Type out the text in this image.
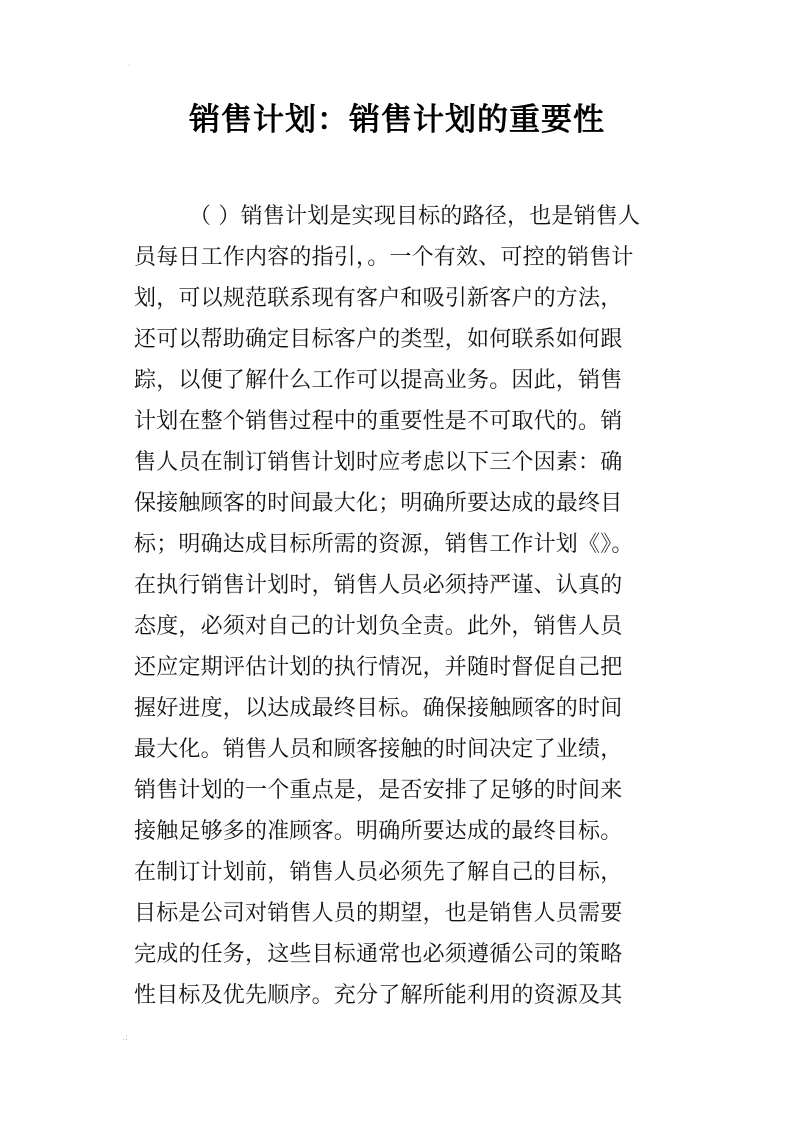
·
销售计划：销售计划的重要性
（ ）销售计划是实现目标的路径，也是销售人
员每日工作内容的指引，。一个有效、可控的销售计
划，可以规范联系现有客户和吸引新客户的方法，
还可以帮助确定目标客户的类型，如何联系如何跟
踪，以便了解什么工作可以提高业务。因此，销售
计划在整个销售过程中的重要性是不可取代的。销
售人员在制订销售计划时应考虑以下三个因素：确
保接触顾客的时间最大化；明确所要达成的最终目
标；明确达成目标所需的资源，销售工作计划《》。
在执行销售计划时，销售人员必须持严谨、认真的
态度，必须对自己的计划负全责。此外，销售人员
还应定期评估计划的执行情况，并随时督促自己把
握好进度，以达成最终目标。确保接触顾客的时间
最大化。销售人员和顾客接触的时间决定了业绩，
销售计划的一个重点是，是否安排了足够的时间来
接触足够多的准顾客。明确所要达成的最终目标。
在制订计划前，销售人员必须先了解自己的目标，
目标是公司对销售人员的期望，也是销售人员需要
完成的任务，这些目标通常也必须遵循公司的策略
性目标及优先顺序。充分了解所能利用的资源及其
.:
